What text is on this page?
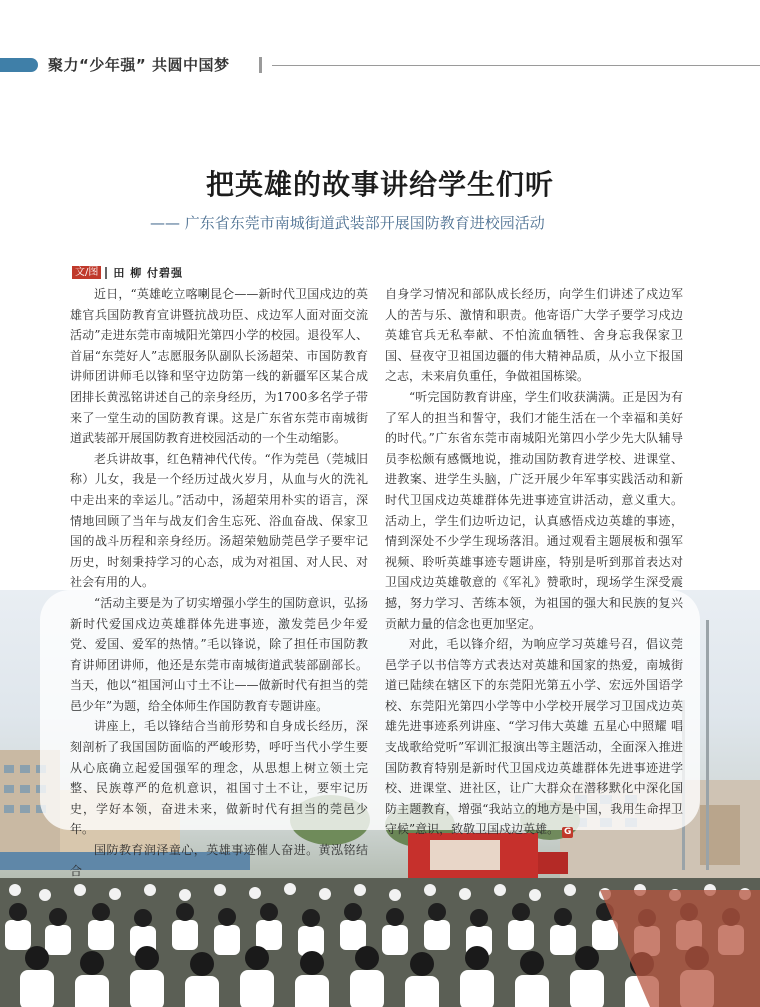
聚力“少年强” 共圆中国梦
把英雄的故事讲给学生们听
—— 广东省东莞市南城街道武装部开展国防教育进校园活动
文/图 田 柳 付碧强

近日，“英雄屹立喀喇昆仑——新时代卫国戍边的英雄官兵国防教育宣讲暨抗战功臣、戍边军人面对面交流活动”走进东莞市南城阳光第四小学的校园。退役军人、首届“东莞好人”志愿服务队副队长汤超荣、市国防教育讲师团讲师毛以锋和坚守边防第一线的新疆军区某合成团排长黄泓铭讲述自己的亲身经历，为1700多名学子带来了一堂生动的国防教育课。这是广东省东莞市南城街道武装部开展国防教育进校园活动的一个生动缩影。

老兵讲故事，红色精神代代传。“作为莞邑（莞城旧称）儿女，我是一个经历过战火岁月，从血与火的洗礼中走出来的幸运儿。”活动中，汤超荣用朴实的语言，深情地回顾了当年与战友们舍生忘死、浴血奋战、保家卫国的战斗历程和亲身经历。汤超荣勉励莞邑学子要牢记历史，时刻秉持学习的心态，成为对祖国、对人民、对社会有用的人。

“活动主要是为了切实增强小学生的国防意识，弘扬新时代爱国戍边英雄群体先进事迹，激发莞邑少年爱党、爱国、爱军的热情。”毛以锋说，除了担任市国防教育讲师团讲师，他还是东莞市南城街道武装部副部长。当天，他以“祖国河山寸土不让——做新时代有担当的莞邑少年”为题，给全体师生作国防教育专题讲座。

讲座上，毛以锋结合当前形势和自身成长经历，深刻剖析了我国国防面临的严峻形势，呼吁当代小学生要从心底确立起爱国强军的理念，从思想上树立领土完整、民族尊严的危机意识，祖国寸土不让，要牢记历史，学好本领，奋进未来，做新时代有担当的莞邑少年。

国防教育润泽童心，英雄事迹催人奋进。黄泓铭结合

自身学习情况和部队成长经历，向学生们讲述了戍边军人的苦与乐、激情和职责。他寄语广大学子要学习戍边英雄官兵无私奉献、不怕流血牺牲、舍身忘我保家卫国、昼夜守卫祖国边疆的伟大精神品质，从小立下报国之志，未来肩负重任，争做祖国栋梁。

“听完国防教育讲座，学生们收获满满。正是因为有了军人的担当和誓守，我们才能生活在一个幸福和美好的时代。”广东省东莞市南城阳光第四小学少先大队辅导员李松颇有感慨地说，推动国防教育进学校、进课堂、进教案、进学生头脑，广泛开展少年军事实践活动和新时代卫国戍边英雄群体先进事迹宣讲活动，意义重大。活动上，学生们边听边记，认真感悟戍边英雄的事迹，情到深处不少学生现场落泪。通过观看主题展板和强军视频、聆听英雄事迹专题讲座，特别是听到那首表达对卫国戍边英雄敬意的《军礼》赞歌时，现场学生深受震撼，努力学习、苦练本领，为祖国的强大和民族的复兴贡献力量的信念也更加坚定。

对此，毛以锋介绍，为响应学习英雄号召，倡议莞邑学子以书信等方式表达对英雄和国家的热爱，南城街道已陆续在辖区下的东莞阳光第五小学、宏远外国语学校、东莞阳光第四小学等中小学校开展学习卫国戍边英雄先进事迹系列讲座、“学习伟大英雄 五星心中照耀 唱支战歌给党听”军训汇报演出等主题活动，全面深入推进国防教育特别是新时代卫国戍边英雄群体先进事迹进学校、进课堂、进社区，让广大群众在潜移默化中深化国防主题教育，增强“我站立的地方是中国，我用生命捍卫守候”意识，致敬卫国戍边英雄。 G
